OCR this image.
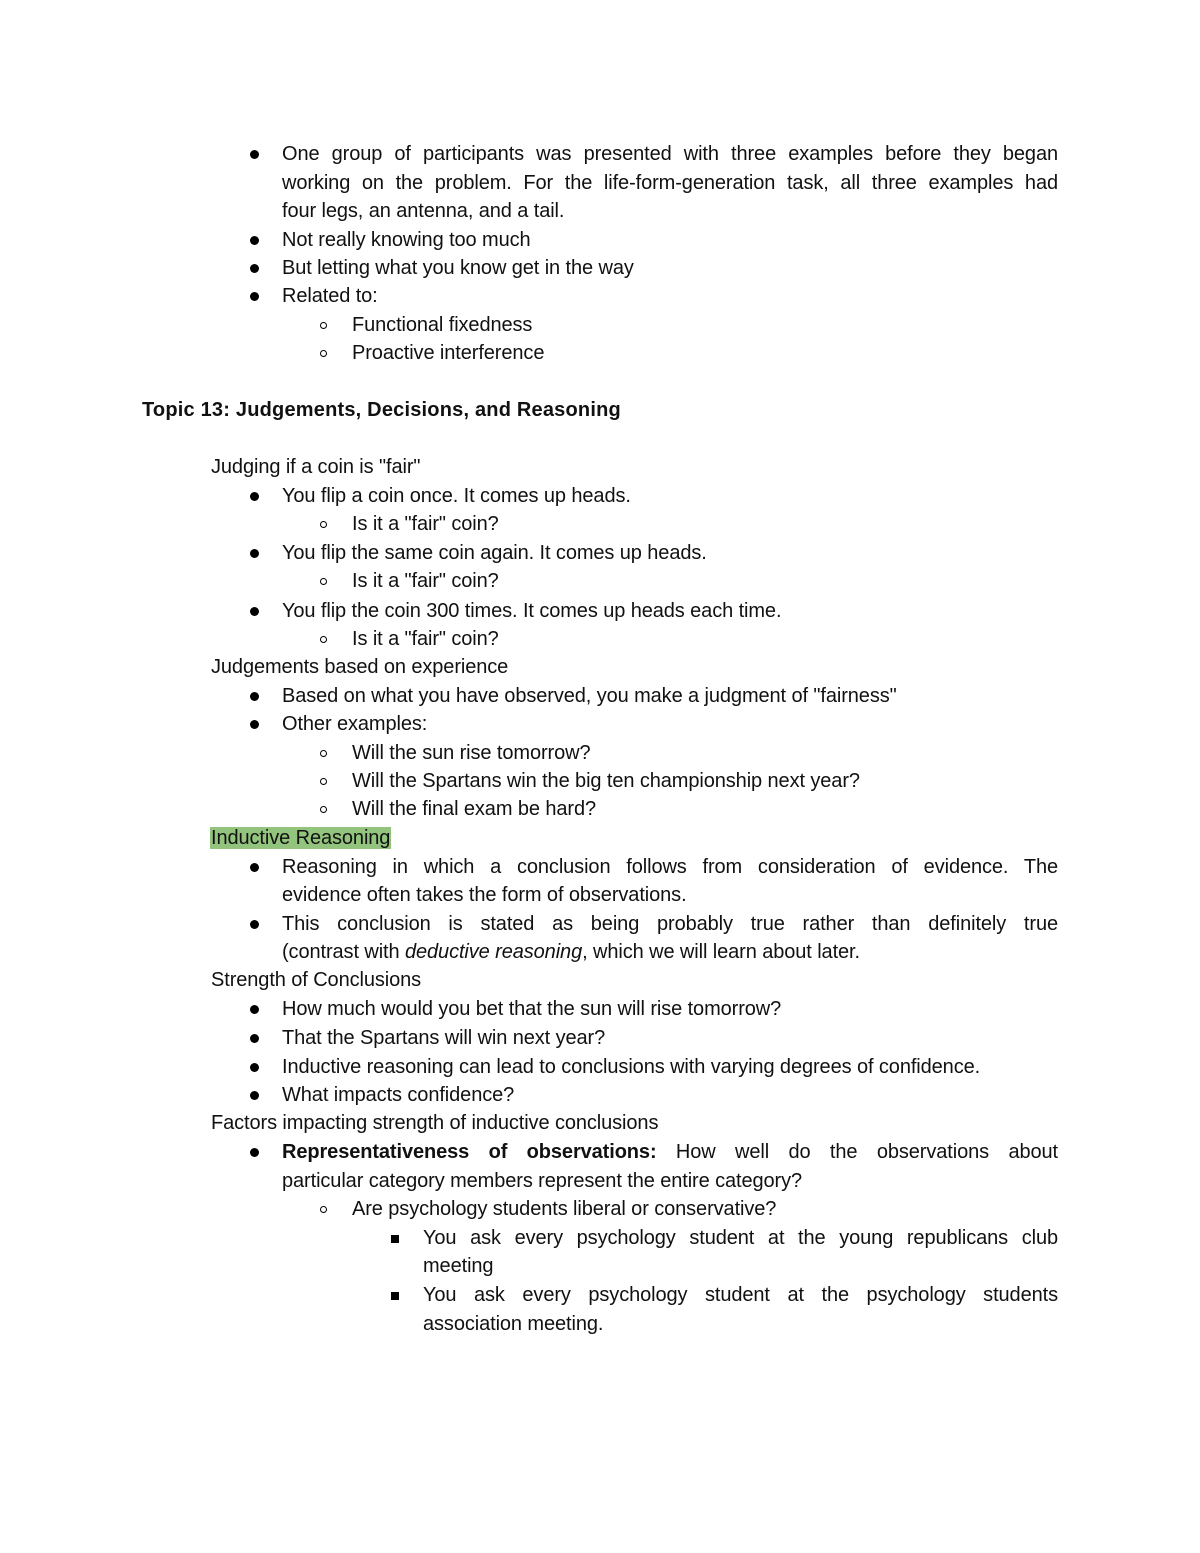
One group of participants was presented with three examples before they began
working on the problem. For the life-form-generation task, all three examples had
four legs, an antenna, and a tail.
Not really knowing too much
But letting what you know get in the way
Related to:
Functional fixedness
Proactive interference
Topic 13: Judgements, Decisions, and Reasoning
Judging if a coin is "fair"
You flip a coin once. It comes up heads.
Is it a "fair" coin?
You flip the same coin again. It comes up heads.
Is it a "fair" coin?
You flip the coin 300 times. It comes up heads each time.
Is it a "fair" coin?
Judgements based on experience
Based on what you have observed, you make a judgment of "fairness"
Other examples:
Will the sun rise tomorrow?
Will the Spartans win the big ten championship next year?
Will the final exam be hard?
Inductive Reasoning
Reasoning in which a conclusion follows from consideration of evidence. The
evidence often takes the form of observations.
This conclusion is stated as being probably true rather than definitely true
(contrast with deductive reasoning, which we will learn about later.
Strength of Conclusions
How much would you bet that the sun will rise tomorrow?
That the Spartans will win next year?
Inductive reasoning can lead to conclusions with varying degrees of confidence.
What impacts confidence?
Factors impacting strength of inductive conclusions
Representativeness of observations: How well do the observations about
particular category members represent the entire category?
Are psychology students liberal or conservative?
You ask every psychology student at the young republicans club
meeting
You ask every psychology student at the psychology students
association meeting.
